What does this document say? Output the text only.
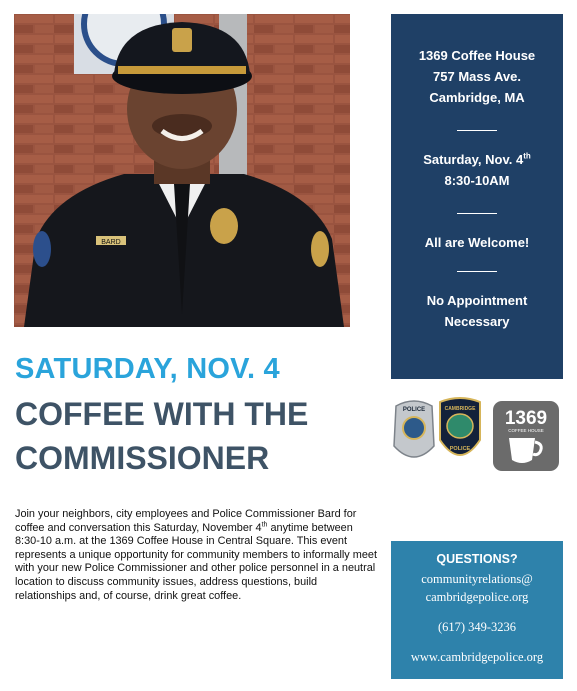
BARD
1369 Coffee House
757 Mass Ave.
Cambridge, MA
Saturday, Nov. 4th
8:30-10AM
All are Welcome!
No Appointment
Necessary
SATURDAY, NOV. 4
COFFEE WITH THE
COMMISSIONER
POLICE	CAMBRIDGE
POLICE
1369
COFFEE HOUSE
Join your neighbors, city employees and Police Commissioner Bard for coffee and conversation this Saturday, November 4th anytime between 8:30-10 a.m. at the 1369 Coffee House in Central Square. This event represents a unique opportunity for community members to informally meet with your new Police Commissioner and other police personnel in a neutral location to discuss community issues, address questions, build relationships and, of course, drink great coffee.
QUESTIONS?
communityrelations@
cambridgepolice.org
(617) 349-3236
www.cambridgepolice.org
